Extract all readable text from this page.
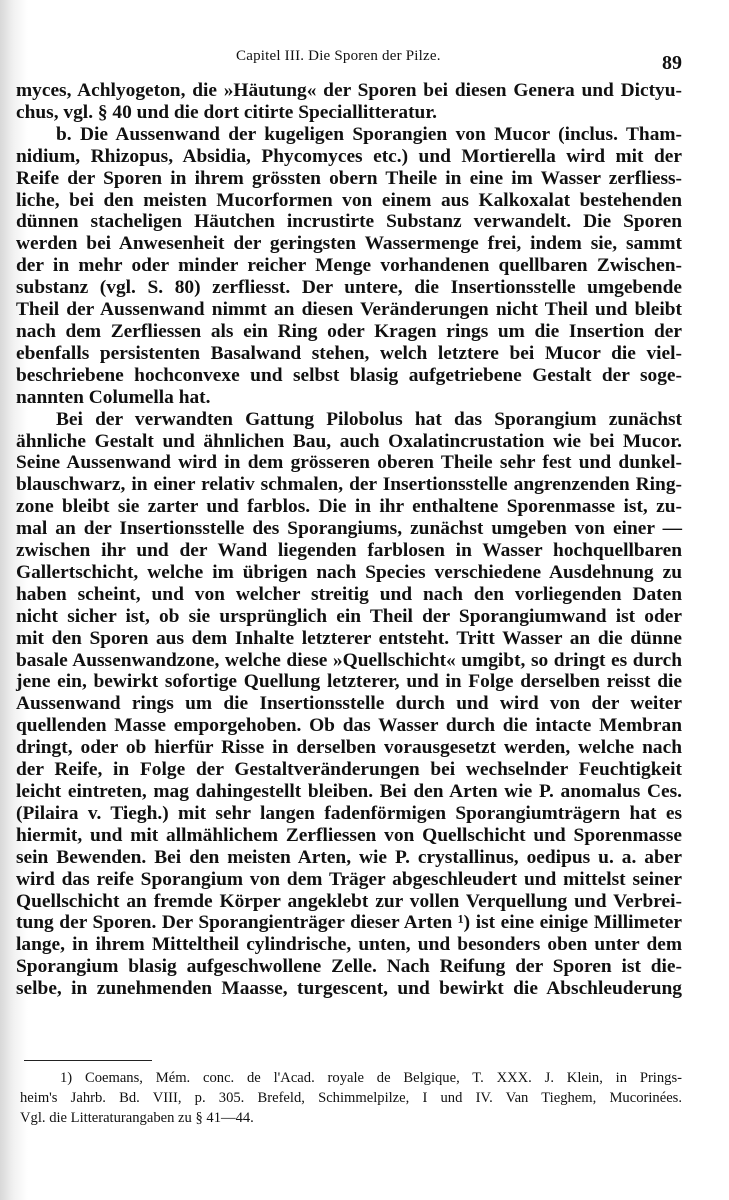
Capitel III. Die Sporen der Pilze.	89

myces, Achlyogeton, die »Häutung« der Sporen bei diesen Genera und Dictyu-
chus, vgl. § 40 und die dort citirte Speciallitteratur.

b. Die Aussenwand der kugeligen Sporangien von Mucor (inclus. Tham-
nidium, Rhizopus, Absidia, Phycomyces etc.) und Mortierella wird mit der
Reife der Sporen in ihrem grössten obern Theile in eine im Wasser zerfliess-
liche, bei den meisten Mucorformen von einem aus Kalkoxalat bestehenden
dünnen stacheligen Häutchen incrustirte Substanz verwandelt. Die Sporen
werden bei Anwesenheit der geringsten Wassermenge frei, indem sie, sammt
der in mehr oder minder reicher Menge vorhandenen quellbaren Zwischen-
substanz (vgl. S. 80) zerfliesst. Der untere, die Insertionsstelle umgebende
Theil der Aussenwand nimmt an diesen Veränderungen nicht Theil und bleibt
nach dem Zerfliessen als ein Ring oder Kragen rings um die Insertion der
ebenfalls persistenten Basalwand stehen, welch letztere bei Mucor die viel-
beschriebene hochconvexe und selbst blasig aufgetriebene Gestalt der soge-
nannten Columella hat.

Bei der verwandten Gattung Pilobolus hat das Sporangium zunächst
ähnliche Gestalt und ähnlichen Bau, auch Oxalatincrustation wie bei Mucor.
Seine Aussenwand wird in dem grösseren oberen Theile sehr fest und dunkel-
blauschwarz, in einer relativ schmalen, der Insertionsstelle angrenzenden Ring-
zone bleibt sie zarter und farblos. Die in ihr enthaltene Sporenmasse ist, zu-
mal an der Insertionsstelle des Sporangiums, zunächst umgeben von einer —
zwischen ihr und der Wand liegenden farblosen in Wasser hochquellbaren
Gallertschicht, welche im übrigen nach Species verschiedene Ausdehnung zu
haben scheint, und von welcher streitig und nach den vorliegenden Daten
nicht sicher ist, ob sie ursprünglich ein Theil der Sporangiumwand ist oder
mit den Sporen aus dem Inhalte letzterer entsteht. Tritt Wasser an die dünne
basale Aussenwandzone, welche diese »Quellschicht« umgibt, so dringt es durch
jene ein, bewirkt sofortige Quellung letzterer, und in Folge derselben reisst die
Aussenwand rings um die Insertionsstelle durch und wird von der weiter
quellenden Masse emporgehoben. Ob das Wasser durch die intacte Membran
dringt, oder ob hierfür Risse in derselben vorausgesetzt werden, welche nach
der Reife, in Folge der Gestaltveränderungen bei wechselnder Feuchtigkeit
leicht eintreten, mag dahingestellt bleiben. Bei den Arten wie P. anomalus Ces.
(Pilaira v. Tiegh.) mit sehr langen fadenförmigen Sporangiumträgern hat es
hiermit, und mit allmählichem Zerfliessen von Quellschicht und Sporenmasse
sein Bewenden. Bei den meisten Arten, wie P. crystallinus, oedipus u. a. aber
wird das reife Sporangium von dem Träger abgeschleudert und mittelst seiner
Quellschicht an fremde Körper angeklebt zur vollen Verquellung und Verbrei-
tung der Sporen. Der Sporangienträger dieser Arten ¹) ist eine einige Millimeter
lange, in ihrem Mitteltheil cylindrische, unten, und besonders oben unter dem
Sporangium blasig aufgeschwollene Zelle. Nach Reifung der Sporen ist die-
selbe, in zunehmenden Maasse, turgescent, und bewirkt die Abschleuderung

1) Coemans, Mém. conc. de l'Acad. royale de Belgique, T. XXX. J. Klein, in Prings-
heim's Jahrb. Bd. VIII, p. 305. Brefeld, Schimmelpilze, I und IV. Van Tieghem, Mucorinées.
Vgl. die Litteraturangaben zu § 41—44.
